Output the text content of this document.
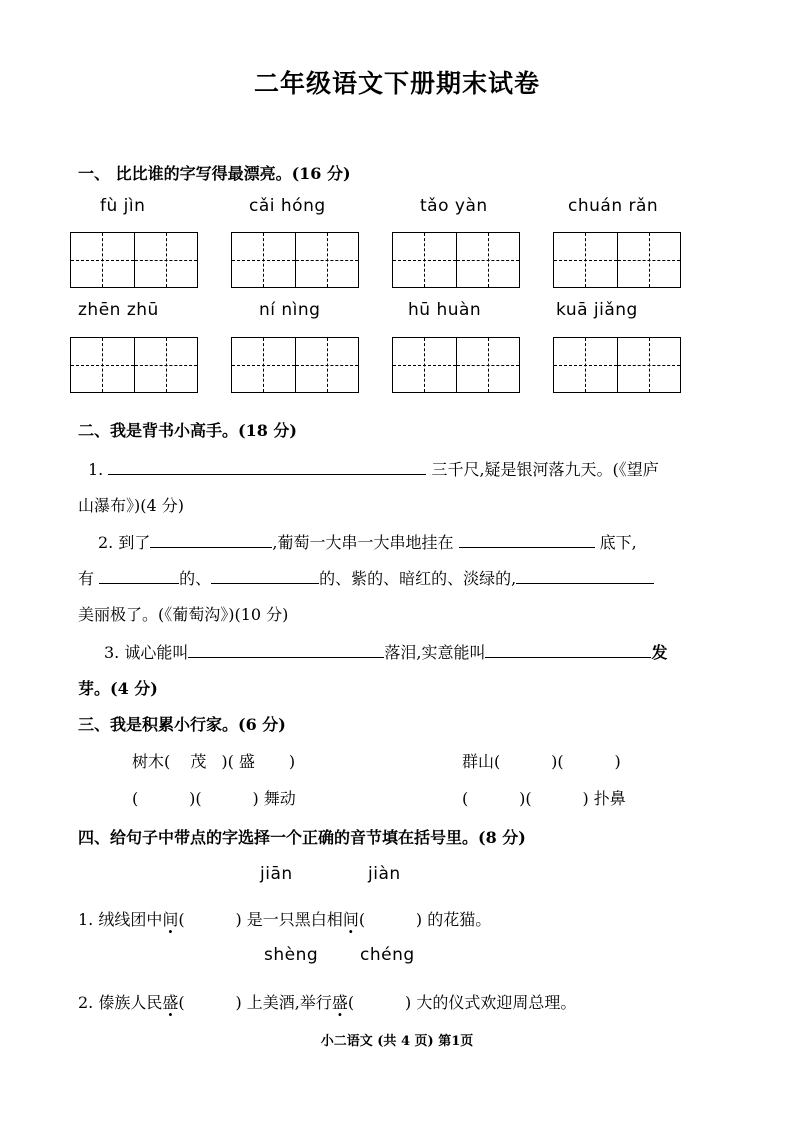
二年级语文下册期末试卷
一、 比比谁的字写得最漂亮。(16 分)
fù jìn	cǎi hóng	tǎo yàn	chuán rǎn
zhēn zhū	ní nìng	hū huàn	kuā jiǎng
二、我是背书小高手。(18 分)
1.	三千尺,疑是银河落九天。(《望庐
山瀑布》)(4 分)
2. 到了	,葡萄一大串一大串地挂在	底下,
有	的、	的、紫的、暗红的、淡绿的,
美丽极了。(《葡萄沟》)(10 分)
3. 诚心能叫	落泪,实意能叫	发
芽。(4 分)
三、我是积累小行家。(6 分)
树木( 茂 )( 盛 )	群山(          )(          )
(          )(          ) 舞动	(          )(          ) 扑鼻
四、给句子中带点的字选择一个正确的音节填在括号里。(8 分)
jiān	jiàn
1. 绒线团中间(          ) 是一只黑白相间(          ) 的花猫。
shèng chéng
2. 傣族人民盛(          ) 上美酒,举行盛(          ) 大的仪式欢迎周总理。
小二语文 (共 4 页) 第1页
